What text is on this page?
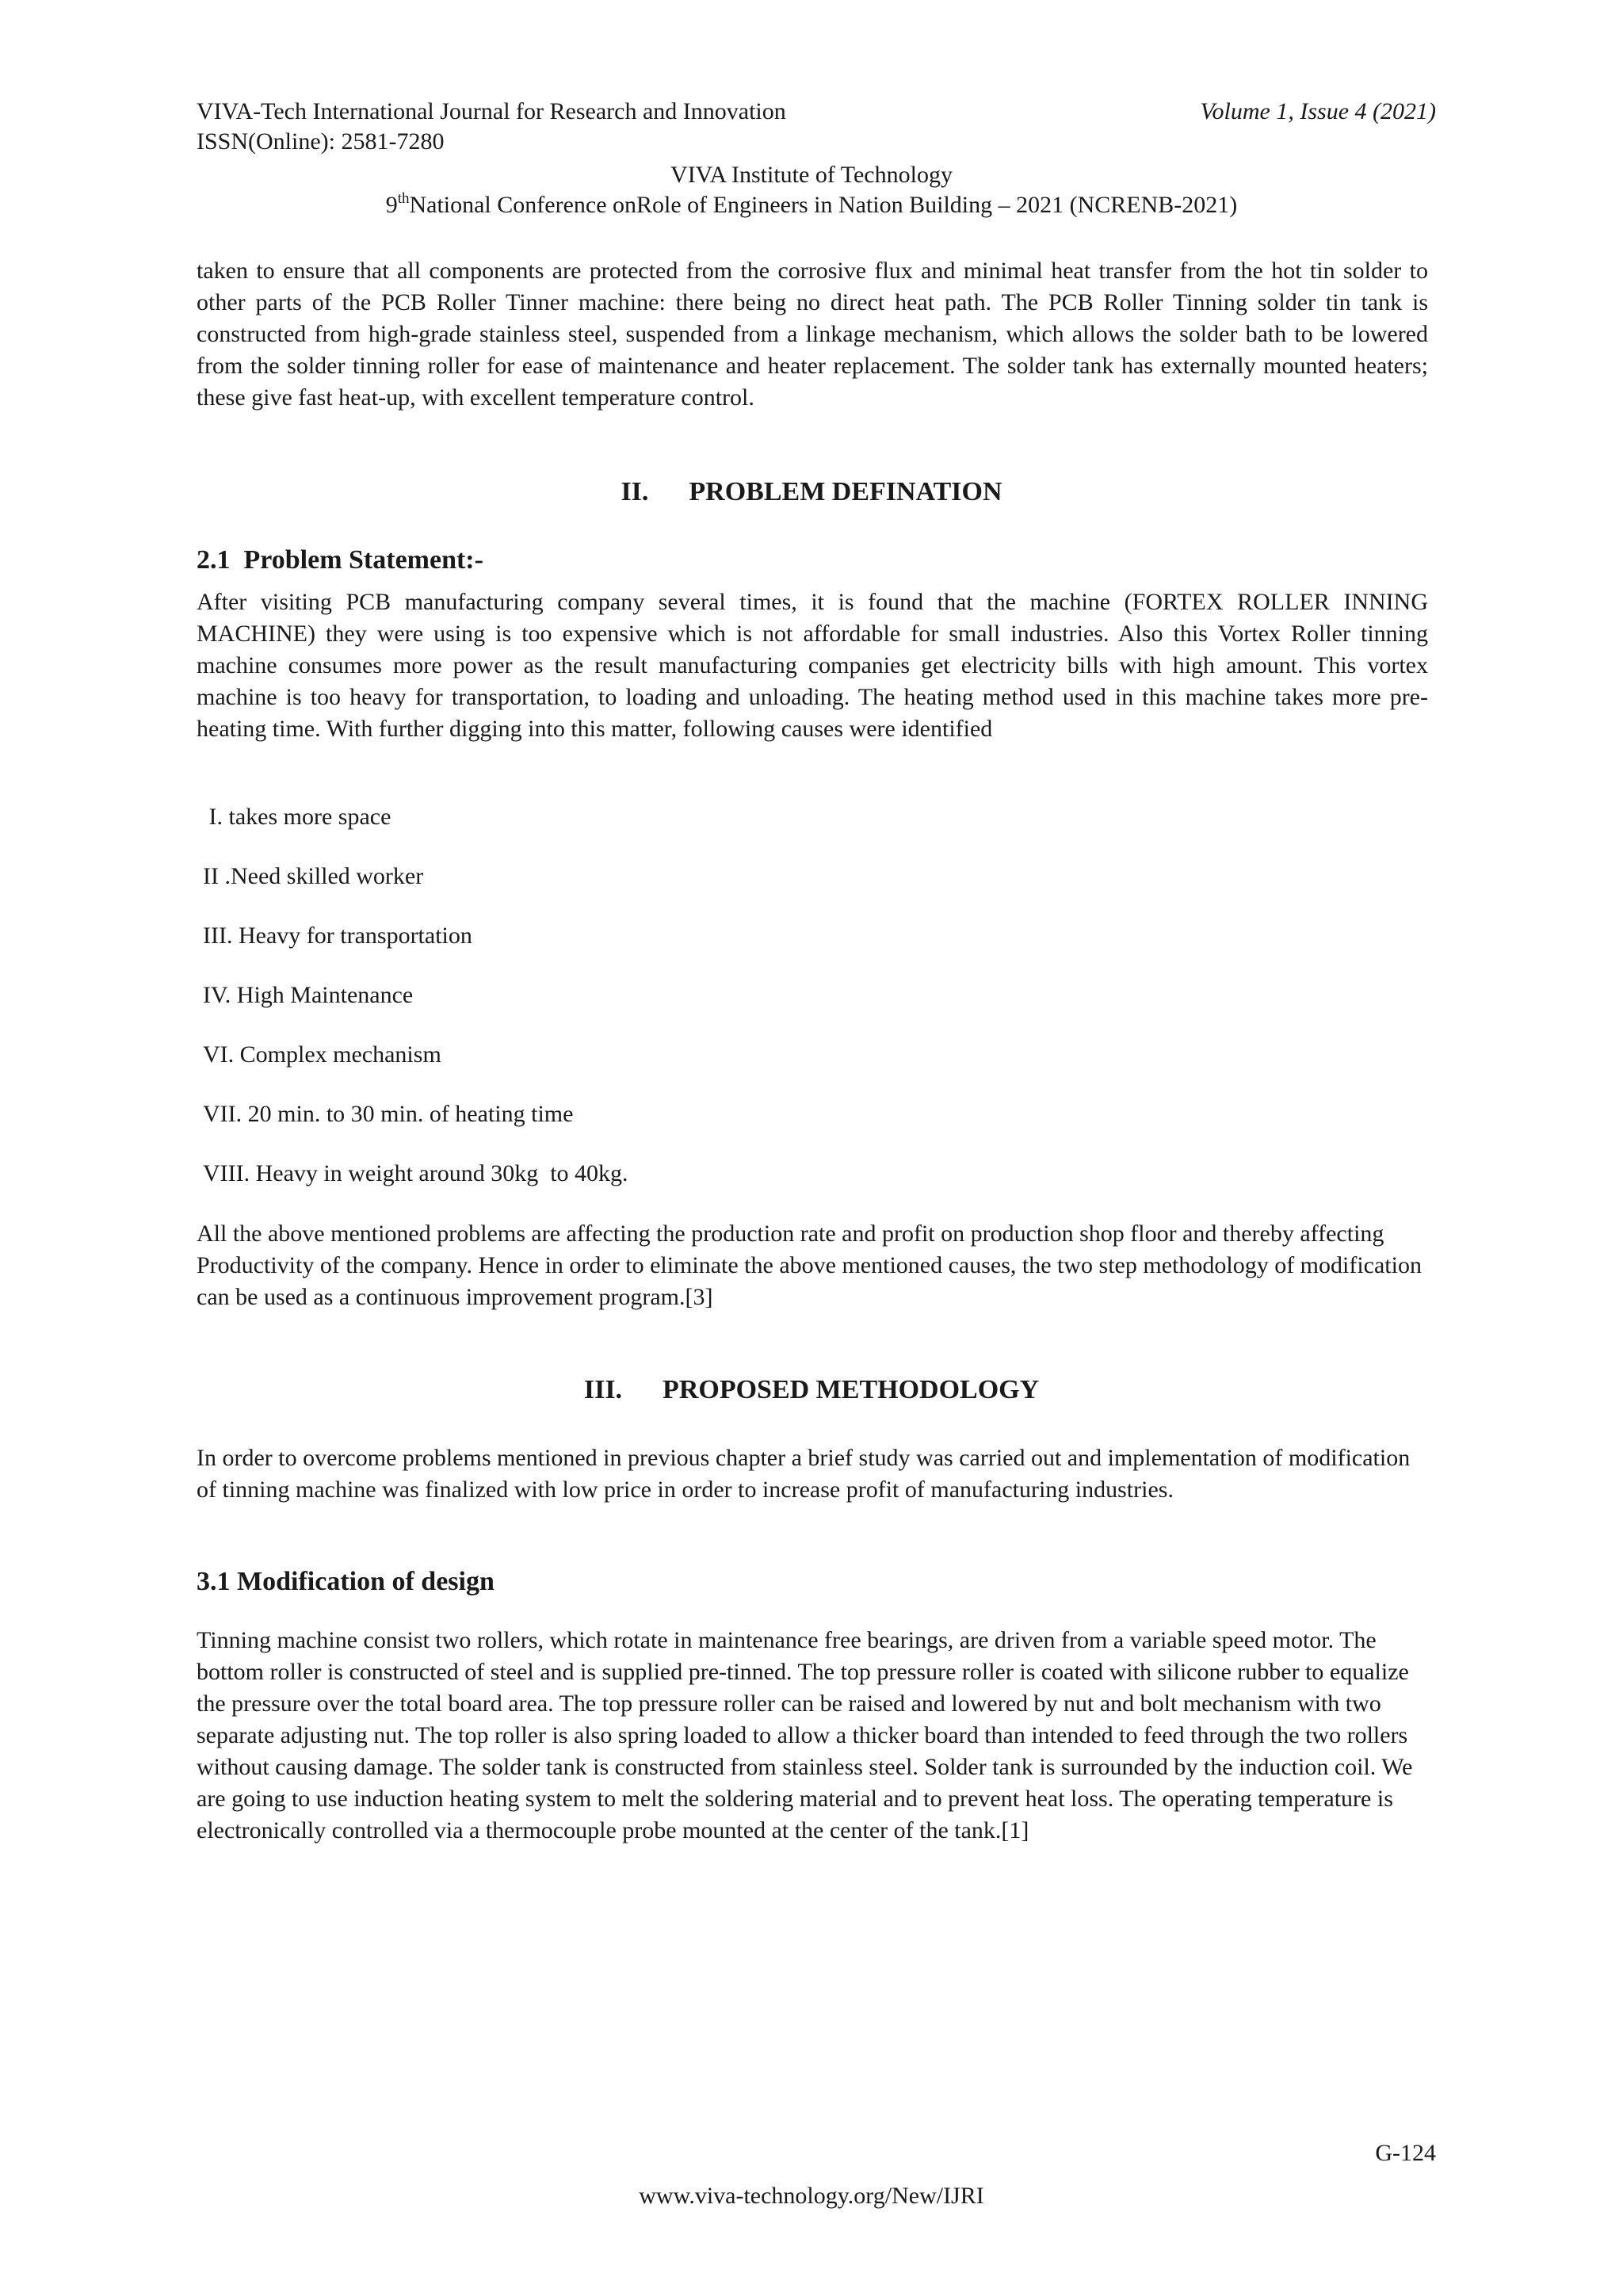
VIVA-Tech International Journal for Research and Innovation	Volume 1, Issue 4 (2021)
ISSN(Online): 2581-7280
VIVA Institute of Technology
9thNational Conference onRole of Engineers in Nation Building – 2021 (NCRENB-2021)
taken to ensure that all components are protected from the corrosive flux and minimal heat transfer from the hot tin solder to other parts of the PCB Roller Tinner machine: there being no direct heat path. The PCB Roller Tinning solder tin tank is constructed from high-grade stainless steel, suspended from a linkage mechanism, which allows the solder bath to be lowered from the solder tinning roller for ease of maintenance and heater replacement. The solder tank has externally mounted heaters; these give fast heat-up, with excellent temperature control.
II.      PROBLEM DEFINATION
2.1  Problem Statement:-
After visiting PCB manufacturing company several times, it is found that the machine (FORTEX ROLLER INNING MACHINE) they were using is too expensive which is not affordable for small industries. Also this Vortex Roller tinning machine consumes more power as the result manufacturing companies get electricity bills with high amount. This vortex machine is too heavy for transportation, to loading and unloading. The heating method used in this machine takes more pre-heating time. With further digging into this matter, following causes were identified
I. takes more space
II .Need skilled worker
III. Heavy for transportation
IV. High Maintenance
VI. Complex mechanism
VII. 20 min. to 30 min. of heating time
VIII. Heavy in weight around 30kg  to 40kg.
All the above mentioned problems are affecting the production rate and profit on production shop floor and thereby affecting Productivity of the company. Hence in order to eliminate the above mentioned causes, the two step methodology of modification can be used as a continuous improvement program.[3]
III.      PROPOSED METHODOLOGY
In order to overcome problems mentioned in previous chapter a brief study was carried out and implementation of modification of tinning machine was finalized with low price in order to increase profit of manufacturing industries.
3.1 Modification of design
Tinning machine consist two rollers, which rotate in maintenance free bearings, are driven from a variable speed motor. The bottom roller is constructed of steel and is supplied pre-tinned. The top pressure roller is coated with silicone rubber to equalize the pressure over the total board area. The top pressure roller can be raised and lowered by nut and bolt mechanism with two separate adjusting nut. The top roller is also spring loaded to allow a thicker board than intended to feed through the two rollers without causing damage. The solder tank is constructed from stainless steel. Solder tank is surrounded by the induction coil. We are going to use induction heating system to melt the soldering material and to prevent heat loss. The operating temperature is electronically controlled via a thermocouple probe mounted at the center of the tank.[1]
G-124
www.viva-technology.org/New/IJRI
